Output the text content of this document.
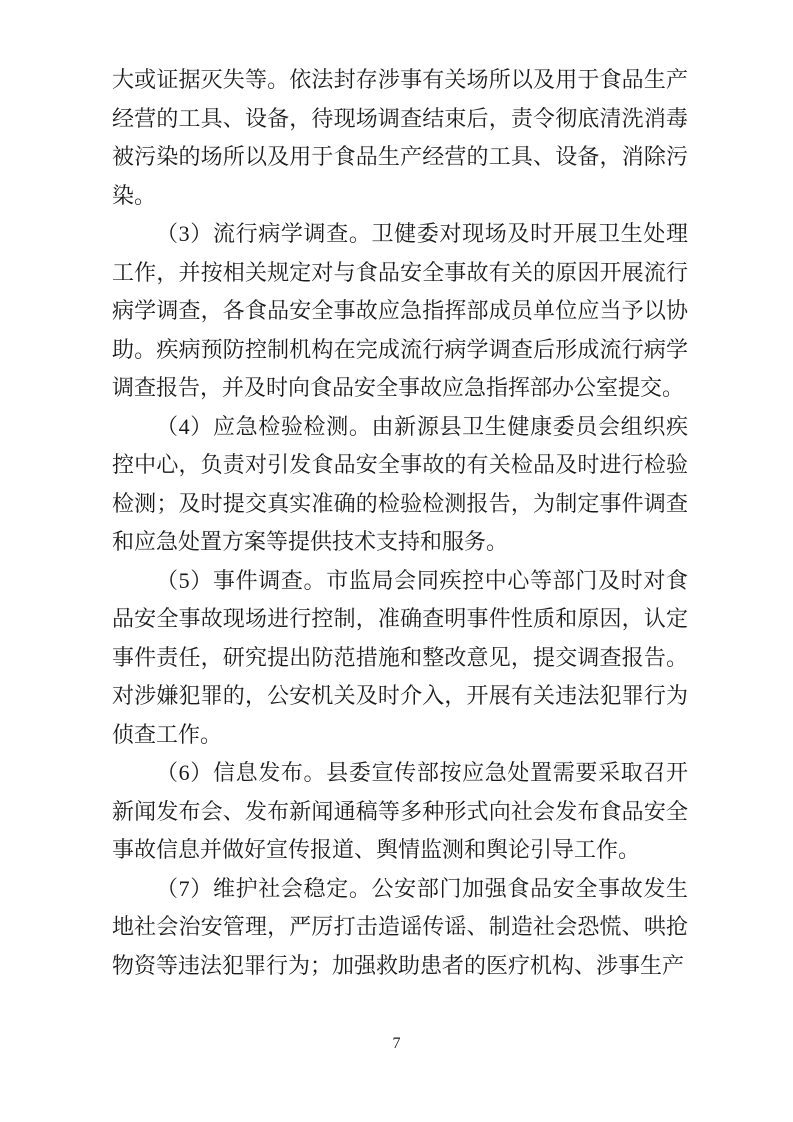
大或证据灭失等。依法封存涉事有关场所以及用于食品生产经营的工具、设备，待现场调查结束后，责令彻底清洗消毒被污染的场所以及用于食品生产经营的工具、设备，消除污染。

（3）流行病学调查。卫健委对现场及时开展卫生处理工作，并按相关规定对与食品安全事故有关的原因开展流行病学调查，各食品安全事故应急指挥部成员单位应当予以协助。疾病预防控制机构在完成流行病学调查后形成流行病学调查报告，并及时向食品安全事故应急指挥部办公室提交。

（4）应急检验检测。由新源县卫生健康委员会组织疾控中心，负责对引发食品安全事故的有关检品及时进行检验检测；及时提交真实准确的检验检测报告，为制定事件调查和应急处置方案等提供技术支持和服务。

（5）事件调查。市监局会同疾控中心等部门及时对食品安全事故现场进行控制，准确查明事件性质和原因，认定事件责任，研究提出防范措施和整改意见，提交调查报告。对涉嫌犯罪的，公安机关及时介入，开展有关违法犯罪行为侦查工作。

（6）信息发布。县委宣传部按应急处置需要采取召开新闻发布会、发布新闻通稿等多种形式向社会发布食品安全事故信息并做好宣传报道、舆情监测和舆论引导工作。

（7）维护社会稳定。公安部门加强食品安全事故发生地社会治安管理，严厉打击造谣传谣、制造社会恐慌、哄抢物资等违法犯罪行为；加强救助患者的医疗机构、涉事生产

7
